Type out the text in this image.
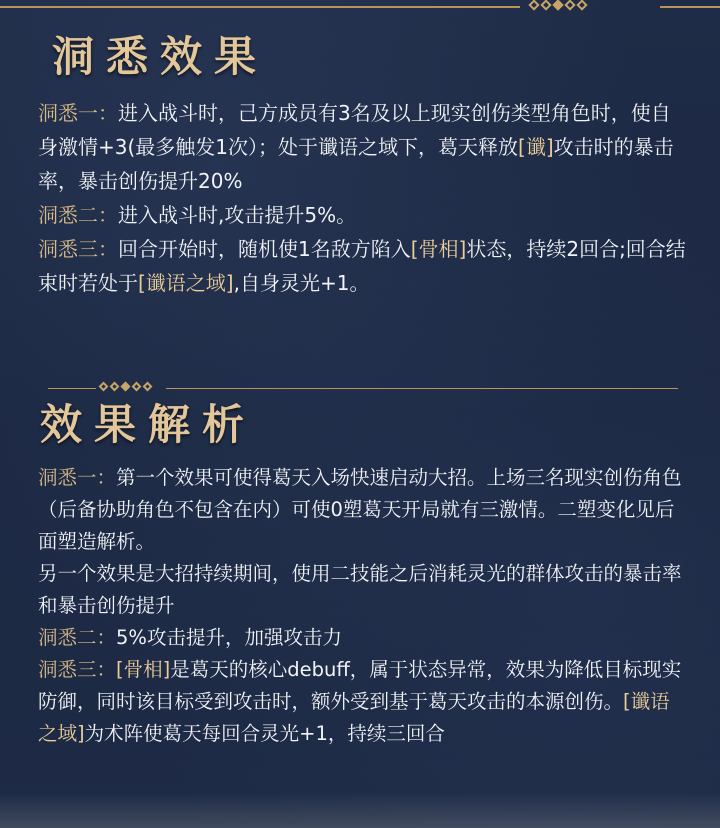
洞悉效果

洞悉一：进入战斗时，己方成员有3名及以上现实创伤类型角色时，使自身激情+3(最多触发1次）；处于谶语之域下，葛天释放[谶]攻击时的暴击率，暴击创伤提升20%

洞悉二：进入战斗时,攻击提升5%。

洞悉三：回合开始时，随机使1名敌方陷入[骨相]状态，持续2回合;回合结束时若处于[谶语之域],自身灵光+1。

效果解析

洞悉一：第一个效果可使得葛天入场快速启动大招。上场三名现实创伤角色（后备协助角色不包含在内）可使0塑葛天开局就有三激情。二塑变化见后面塑造解析。

另一个效果是大招持续期间，使用二技能之后消耗灵光的群体攻击的暴击率和暴击创伤提升

洞悉二：5%攻击提升，加强攻击力

洞悉三：[骨相]是葛天的核心debuff，属于状态异常，效果为降低目标现实防御，同时该目标受到攻击时，额外受到基于葛天攻击的本源创伤。[谶语之域]为术阵使葛天每回合灵光+1，持续三回合
